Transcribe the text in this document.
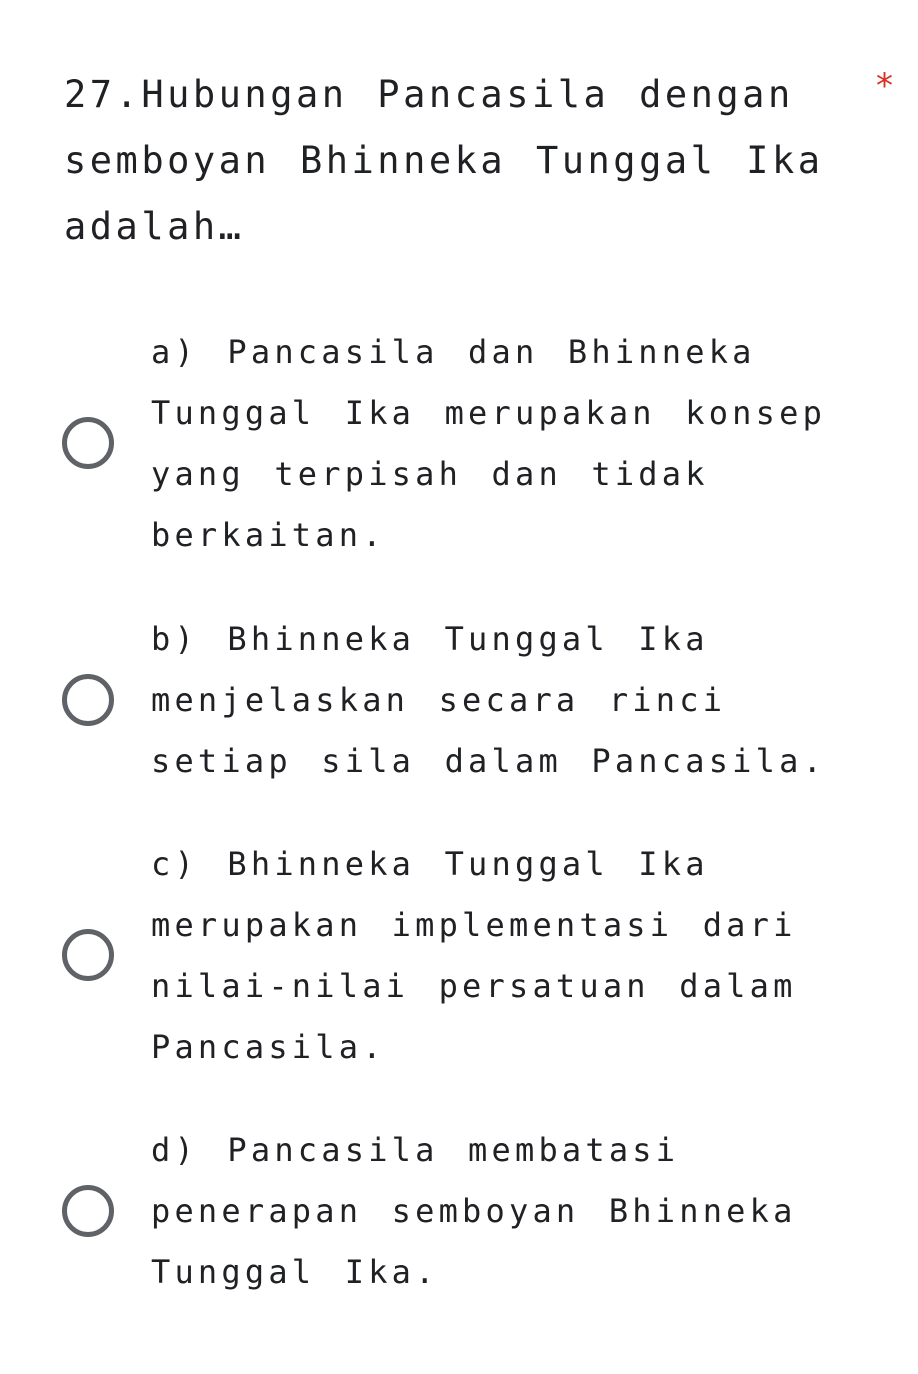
27.Hubungan Pancasila dengan semboyan Bhinneka Tunggal Ika adalah…
*
a) Pancasila dan Bhinneka
Tunggal Ika merupakan konsep
yang terpisah dan tidak
berkaitan.
b) Bhinneka Tunggal Ika
menjelaskan secara rinci
setiap sila dalam Pancasila.
c) Bhinneka Tunggal Ika
merupakan implementasi dari
nilai-nilai persatuan dalam
Pancasila.
d) Pancasila membatasi
penerapan semboyan Bhinneka
Tunggal Ika.
